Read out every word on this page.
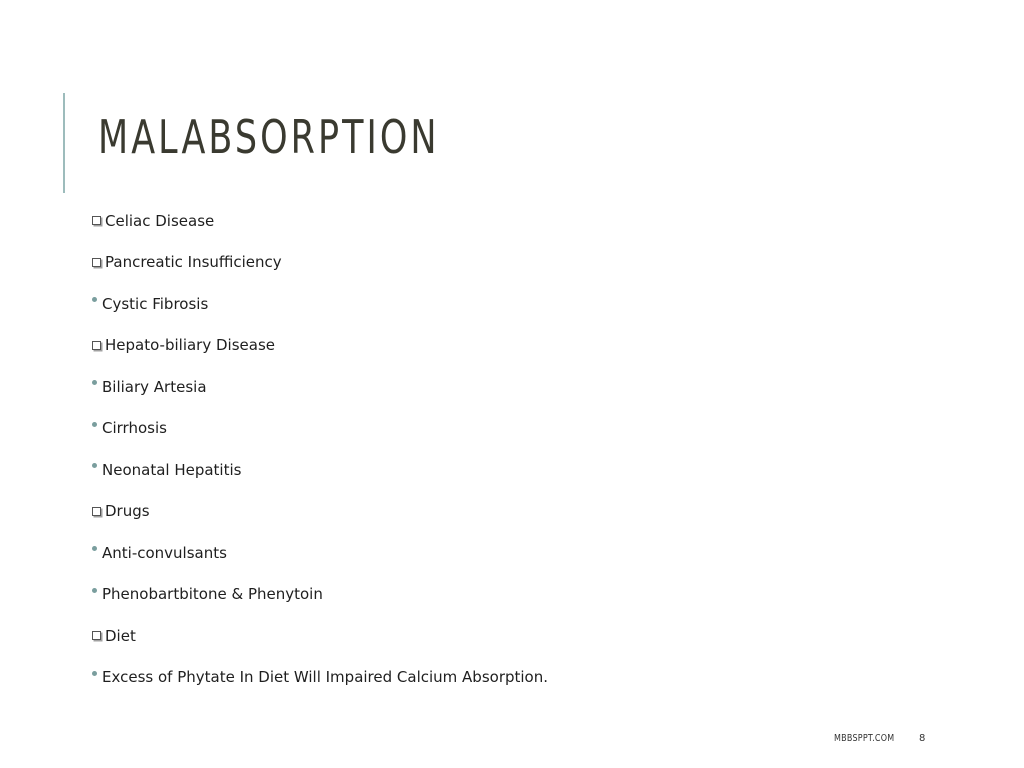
MALABSORPTION
Celiac Disease
Pancreatic Insufficiency
Cystic Fibrosis
Hepato-biliary Disease
Biliary Artesia
Cirrhosis
Neonatal Hepatitis
Drugs
Anti-convulsants
Phenobartbitone & Phenytoin
Diet
Excess of Phytate In Diet Will Impaired Calcium Absorption.
MBBSPPT.COM 8
